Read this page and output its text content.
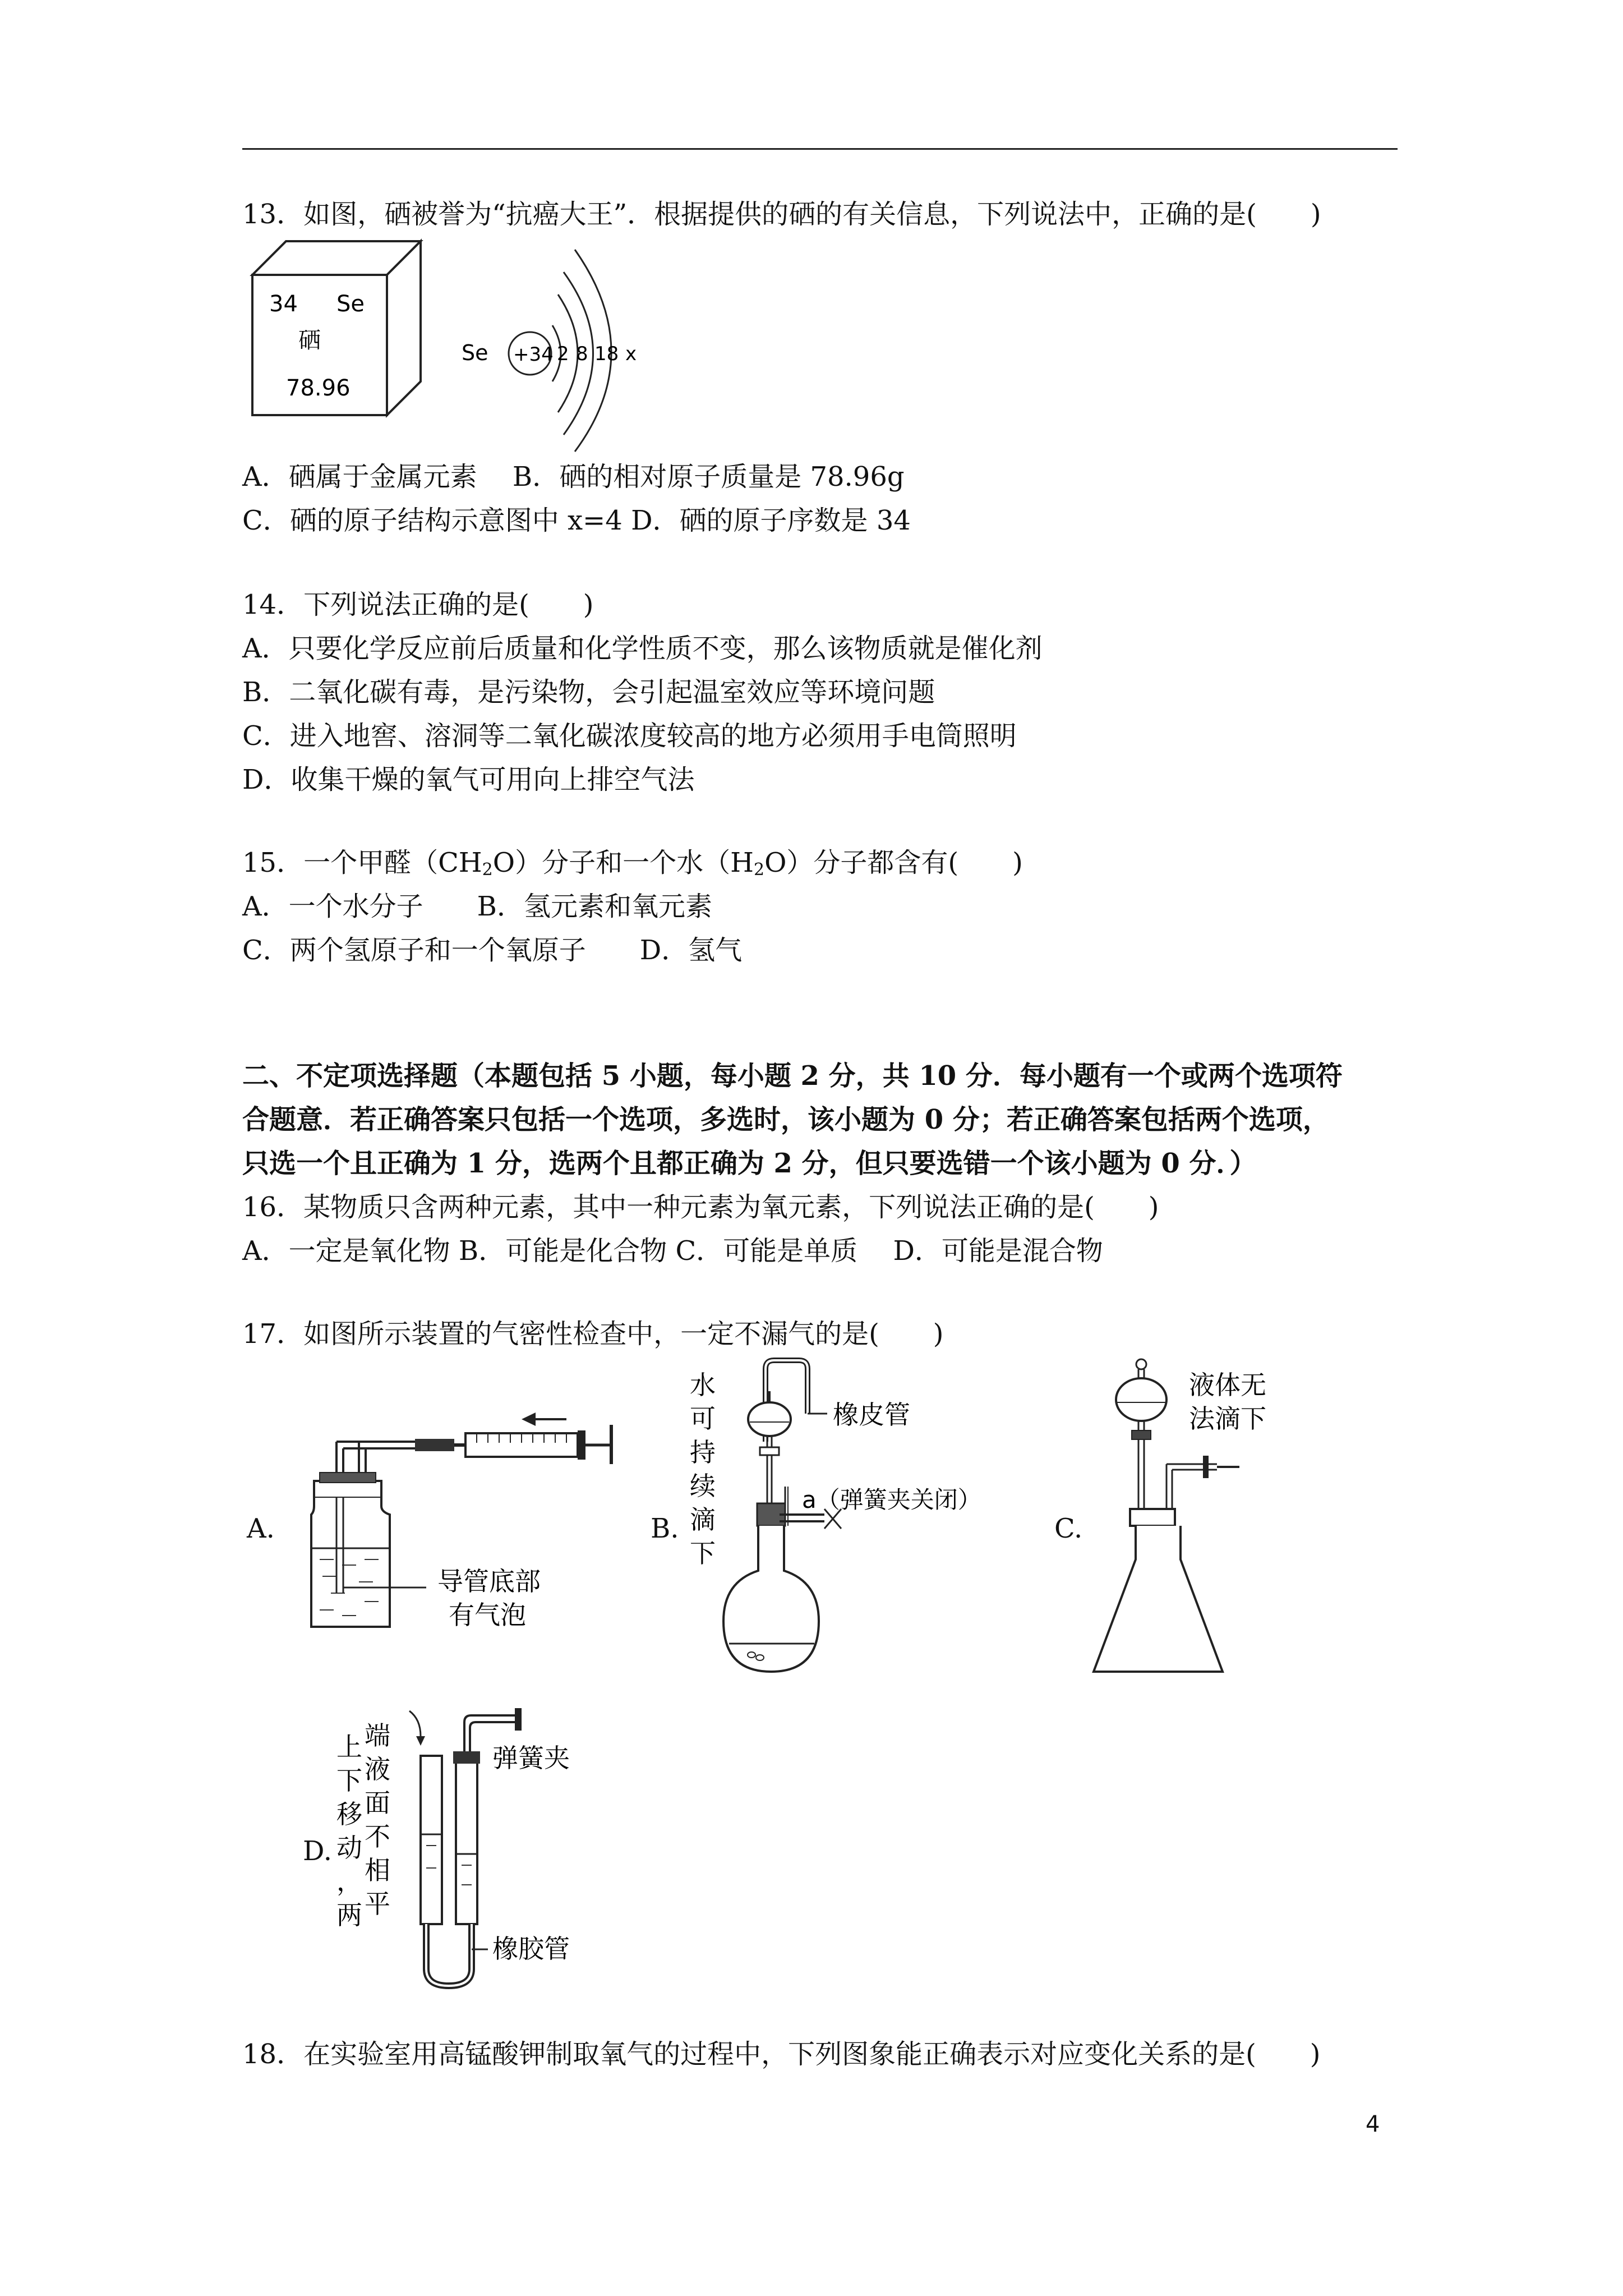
13．如图，硒被誉为“抗癌大王”．根据提供的硒的有关信息，下列说法中，正确的是(　　)
34 Se
硒
78.96
Se +34 2 8 18 x
A．硒属于金属元素　 B．硒的相对原子质量是 78.96g
C．硒的原子结构示意图中 x=4 D．硒的原子序数是 34
14．下列说法正确的是(　　)
A．只要化学反应前后质量和化学性质不变，那么该物质就是催化剂
B．二氧化碳有毒，是污染物，会引起温室效应等环境问题
C．进入地窖、溶洞等二氧化碳浓度较高的地方必须用手电筒照明
D．收集干燥的氧气可用向上排空气法
15．一个甲醛$(CH_2O)$分子和一个水$(H_2O)$分子都含有(　　)
A．一个水分子　　B．氢元素和氧元素
C．两个氢原子和一个氧原子　　D．氢气
二、不定项选择题（本题包括 5 小题，每小题 2 分，共 10 分．每小题有一个或两个选项符
合题意．若正确答案只包括一个选项，多选时，该小题为 0 分；若正确答案包括两个选项，
只选一个且正确为 1 分，选两个且都正确为 2 分，但只要选错一个该小题为 0 分．）
16．某物质只含两种元素，其中一种元素为氧元素，下列说法正确的是(　　)
A．一定是氧化物 B．可能是化合物 C．可能是单质　 D．可能是混合物
17．如图所示装置的气密性检查中，一定不漏气的是(　　)
A.	B.	C.
D.
导管底部
有气泡
水
可
持
续
滴
下
橡皮管
a（弹簧夹关闭）
液体无
法滴下
上
下
移
动
，
两
端
液
面
不
相
平
弹簧夹
橡胶管
18．在实验室用高锰酸钾制取氧气的过程中，下列图象能正确表示对应变化关系的是(　　)
4
